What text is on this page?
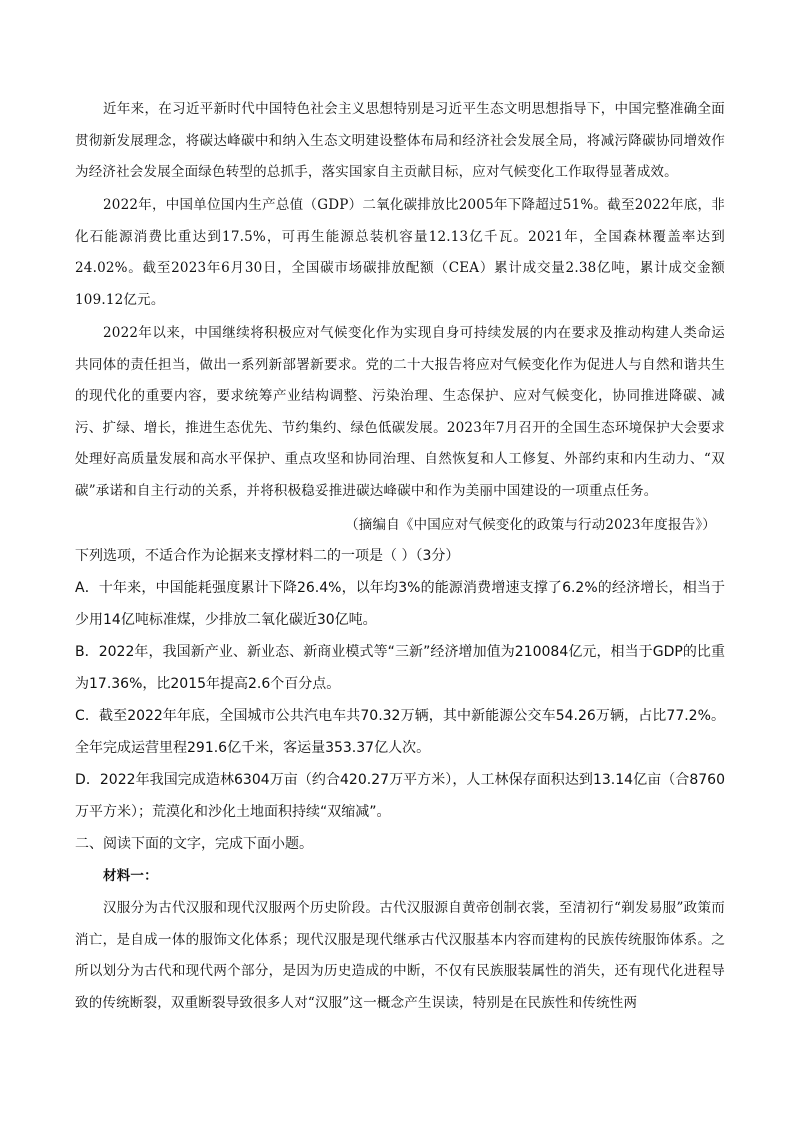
近年来，在习近平新时代中国特色社会主义思想特别是习近平生态文明思想指导下，中国完整准确全面贯彻新发展理念，将碳达峰碳中和纳入生态文明建设整体布局和经济社会发展全局，将减污降碳协同增效作为经济社会发展全面绿色转型的总抓手，落实国家自主贡献目标，应对气候变化工作取得显著成效。

2022年，中国单位国内生产总值（GDP）二氧化碳排放比2005年下降超过51%。截至2022年底，非化石能源消费比重达到17.5%，可再生能源总装机容量12.13亿千瓦。2021年，全国森林覆盖率达到24.02%。截至2023年6月30日，全国碳市场碳排放配额（CEA）累计成交量2.38亿吨，累计成交金额109.12亿元。

2022年以来，中国继续将积极应对气候变化作为实现自身可持续发展的内在要求及推动构建人类命运共同体的责任担当，做出一系列新部署新要求。党的二十大报告将应对气候变化作为促进人与自然和谐共生的现代化的重要内容，要求统筹产业结构调整、污染治理、生态保护、应对气候变化，协同推进降碳、减污、扩绿、增长，推进生态优先、节约集约、绿色低碳发展。2023年7月召开的全国生态环境保护大会要求处理好高质量发展和高水平保护、重点攻坚和协同治理、自然恢复和人工修复、外部约束和内生动力、“双碳”承诺和自主行动的关系，并将积极稳妥推进碳达峰碳中和作为美丽中国建设的一项重点任务。

（摘编自《中国应对气候变化的政策与行动2023年度报告》）

下列选项，不适合作为论据来支撑材料二的一项是（ ）（3分）

A．十年来，中国能耗强度累计下降26.4%，以年均3%的能源消费增速支撑了6.2%的经济增长，相当于少用14亿吨标准煤，少排放二氧化碳近30亿吨。

B．2022年，我国新产业、新业态、新商业模式等“三新”经济增加值为210084亿元，相当于GDP的比重为17.36%，比2015年提高2.6个百分点。

C．截至2022年年底，全国城市公共汽电车共70.32万辆，其中新能源公交车54.26万辆，占比77.2%。全年完成运营里程291.6亿千米，客运量353.37亿人次。

D．2022年我国完成造林6304万亩（约合420.27万平方米），人工林保存面积达到13.14亿亩（合8760万平方米）；荒漠化和沙化土地面积持续“双缩减”。

二、阅读下面的文字，完成下面小题。

材料一：

汉服分为古代汉服和现代汉服两个历史阶段。古代汉服源自黄帝创制衣裳，至清初行“剃发易服”政策而消亡，是自成一体的服饰文化体系；现代汉服是现代继承古代汉服基本内容而建构的民族传统服饰体系。之所以划分为古代和现代两个部分，是因为历史造成的中断，不仅有民族服装属性的消失，还有现代化进程导致的传统断裂，双重断裂导致很多人对“汉服”这一概念产生误读，特别是在民族性和传统性两
